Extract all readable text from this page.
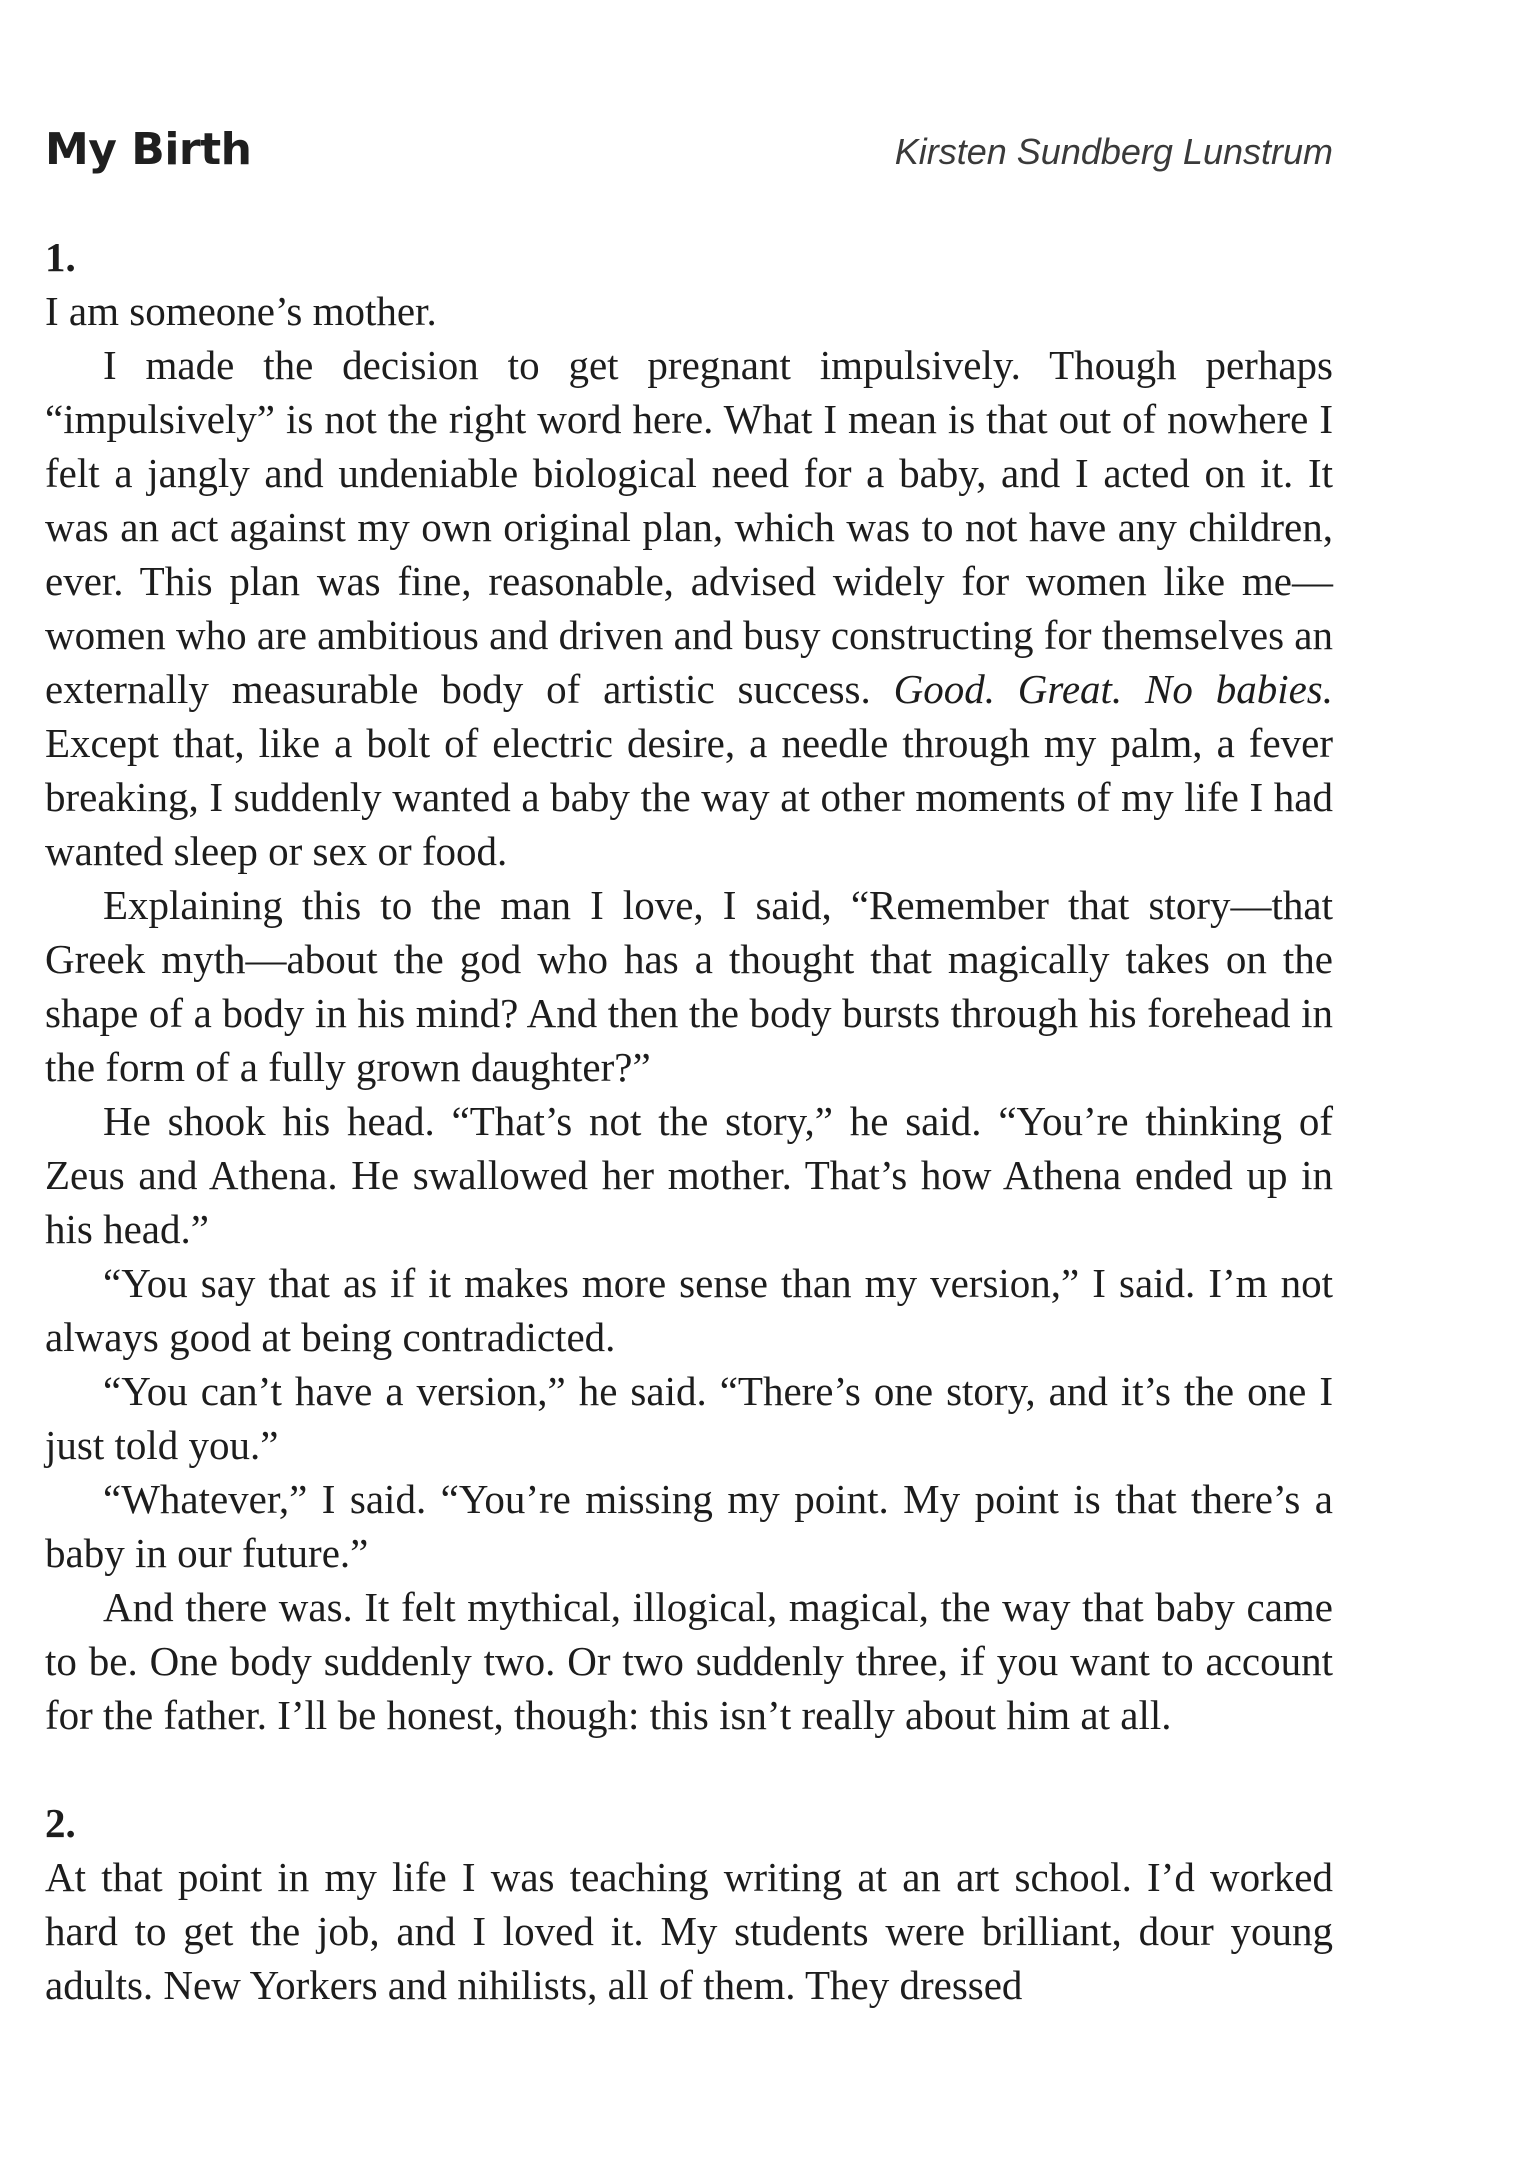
My Birth	Kirsten Sundberg Lunstrum

1.

I am someone’s mother.

I made the decision to get pregnant impulsively. Though perhaps “impulsively” is not the right word here. What I mean is that out of nowhere I felt a jangly and undeniable biological need for a baby, and I acted on it. It was an act against my own original plan, which was to not have any children, ever. This plan was fine, reasonable, advised widely for women like me—women who are ambitious and driven and busy constructing for themselves an externally measurable body of artistic success. Good. Great. No babies. Except that, like a bolt of electric desire, a needle through my palm, a fever breaking, I suddenly wanted a baby the way at other moments of my life I had wanted sleep or sex or food.

Explaining this to the man I love, I said, “Remember that story—that Greek myth—about the god who has a thought that magically takes on the shape of a body in his mind? And then the body bursts through his forehead in the form of a fully grown daughter?”

He shook his head. “That’s not the story,” he said. “You’re thinking of Zeus and Athena. He swallowed her mother. That’s how Athena ended up in his head.”

“You say that as if it makes more sense than my version,” I said. I’m not always good at being contradicted.

“You can’t have a version,” he said. “There’s one story, and it’s the one I just told you.”

“Whatever,” I said. “You’re missing my point. My point is that there’s a baby in our future.”

And there was. It felt mythical, illogical, magical, the way that baby came to be. One body suddenly two. Or two suddenly three, if you want to account for the father. I’ll be honest, though: this isn’t really about him at all.

2.

At that point in my life I was teaching writing at an art school. I’d worked hard to get the job, and I loved it. My students were brilliant, dour young adults. New Yorkers and nihilists, all of them. They dressed
